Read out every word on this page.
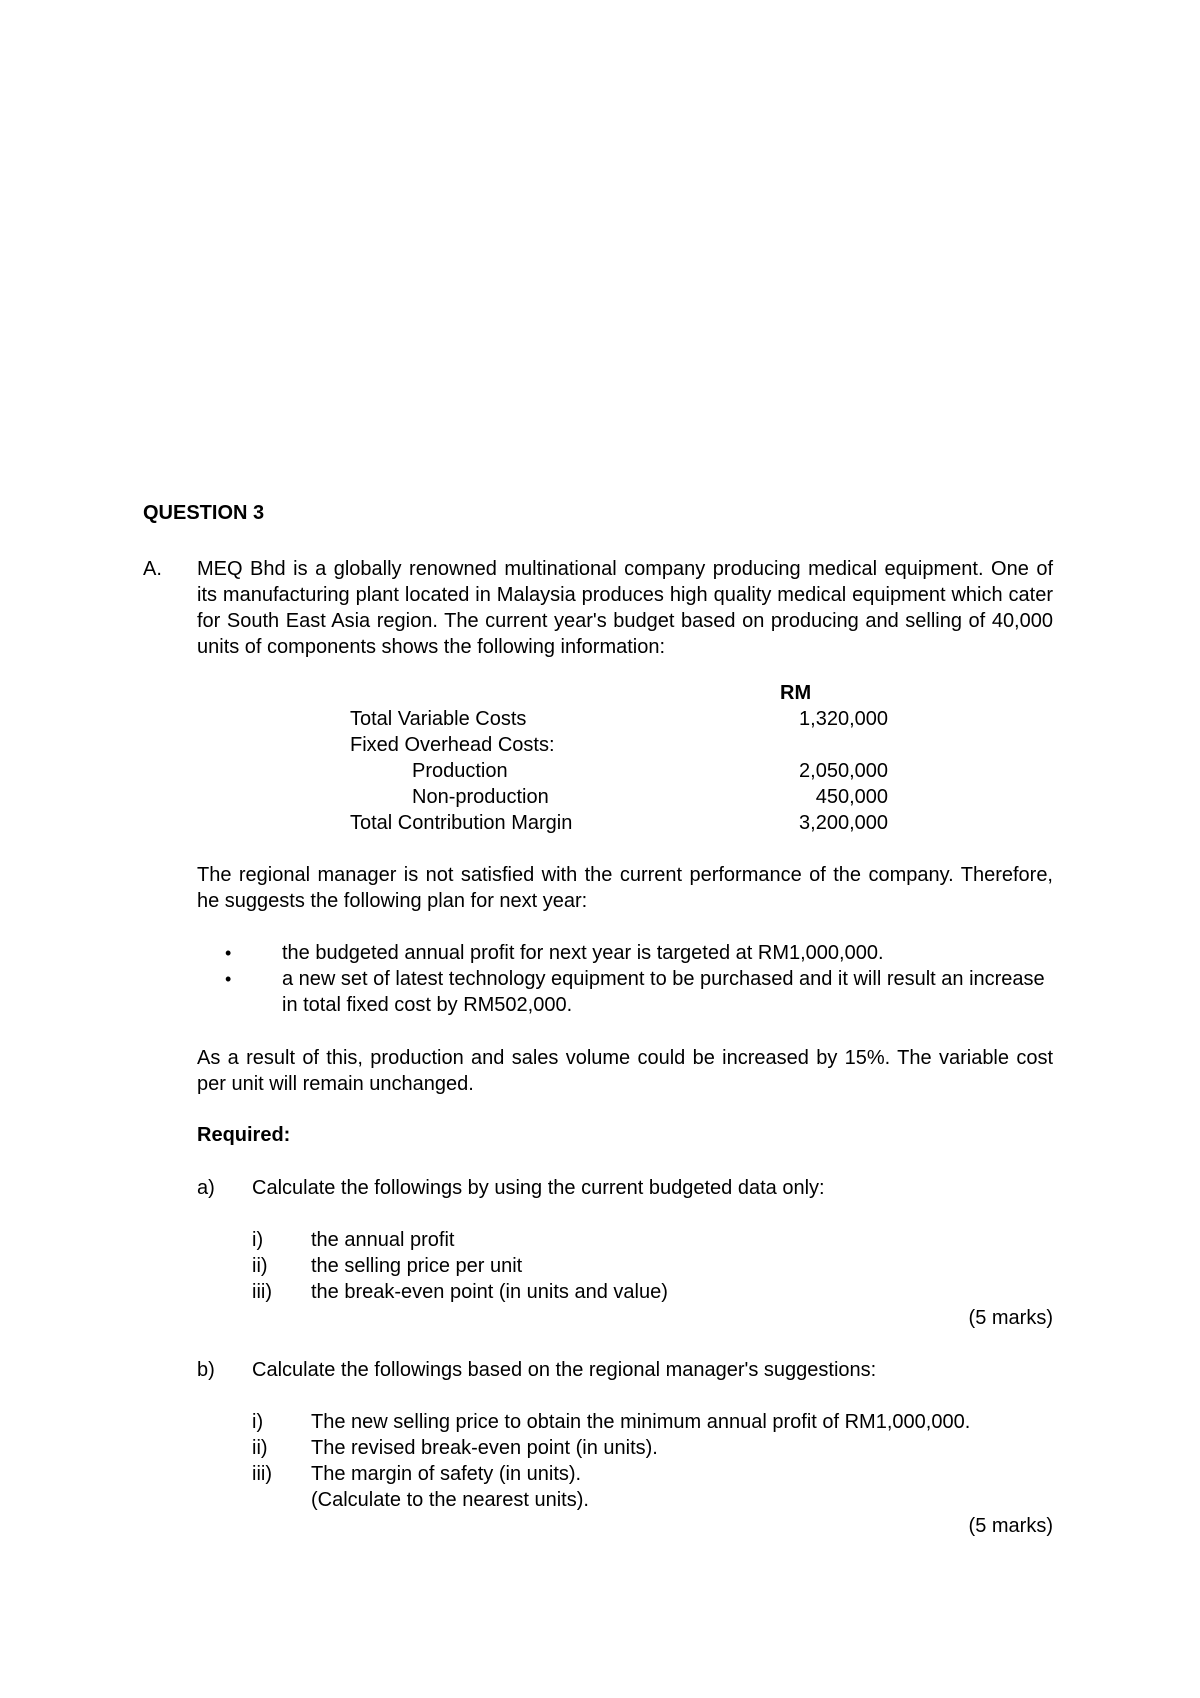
QUESTION 3
A. MEQ Bhd is a globally renowned multinational company producing medical equipment. One of its manufacturing plant located in Malaysia produces high quality medical equipment which cater for South East Asia region. The current year's budget based on producing and selling of 40,000 units of components shows the following information:
RM
Total Variable Costs	1,320,000
Fixed Overhead Costs:
Production	2,050,000
Non-production	450,000
Total Contribution Margin	3,200,000
The regional manager is not satisfied with the current performance of the company. Therefore, he suggests the following plan for next year:
•	the budgeted annual profit for next year is targeted at RM1,000,000.
•	a new set of latest technology equipment to be purchased and it will result an increase in total fixed cost by RM502,000.
As a result of this, production and sales volume could be increased by 15%. The variable cost per unit will remain unchanged.
Required:
a) Calculate the followings by using the current budgeted data only:
i) the annual profit
ii) the selling price per unit
iii) the break-even point (in units and value)
(5 marks)
b) Calculate the followings based on the regional manager's suggestions:
i) The new selling price to obtain the minimum annual profit of RM1,000,000.
ii) The revised break-even point (in units).
iii) The margin of safety (in units).
(Calculate to the nearest units).
(5 marks)
